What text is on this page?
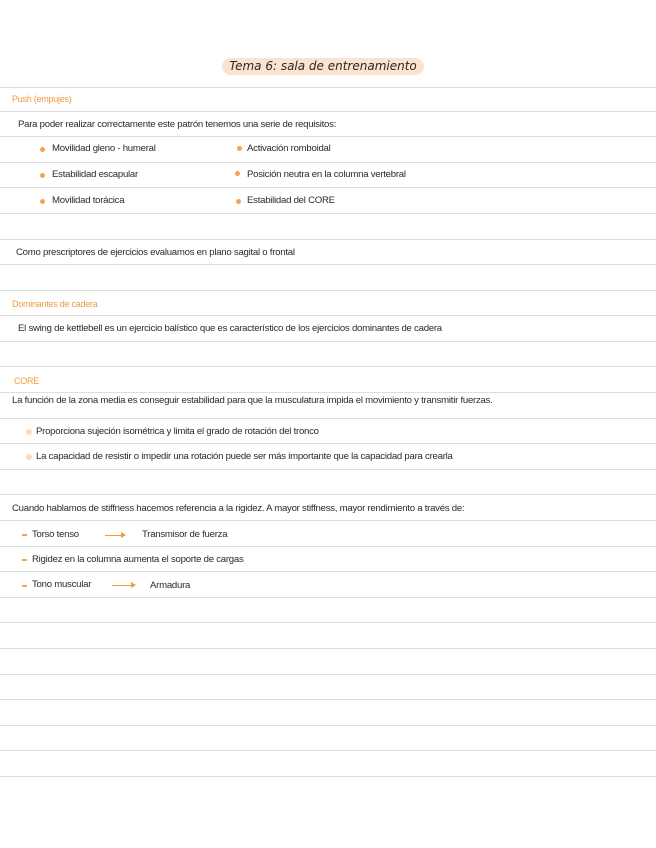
Tema 6: sala de entrenamiento
Push (empujes)
Para poder realizar correctamente este patrón tenemos una serie de requisitos:
Movilidad gleno - humeral	Activación romboidal
Estabilidad escapular	Posición neutra en la columna vertebral
Movilidad torácica	Estabilidad del CORE
Como prescriptores de ejercicios evaluamos en plano sagital o frontal
Dominantes de cadera
El swing de kettlebell es un ejercicio balístico que es característico de los ejercicios dominantes de cadera
CORE
La función de la zona media es conseguir estabilidad para que la musculatura impida el movimiento y transmitir fuerzas.
Proporciona sujeción isométrica y limita el grado de rotación del tronco
La capacidad de resistir o impedir una rotación puede ser más importante que la capacidad para crearla
Cuando hablamos de stiffness hacemos referencia a la rigidez. A mayor stiffness, mayor rendimiento a través de:
Torso tenso	Transmisor de fuerza
Rigidez en la columna aumenta el soporte de cargas
Tono muscular	Armadura
